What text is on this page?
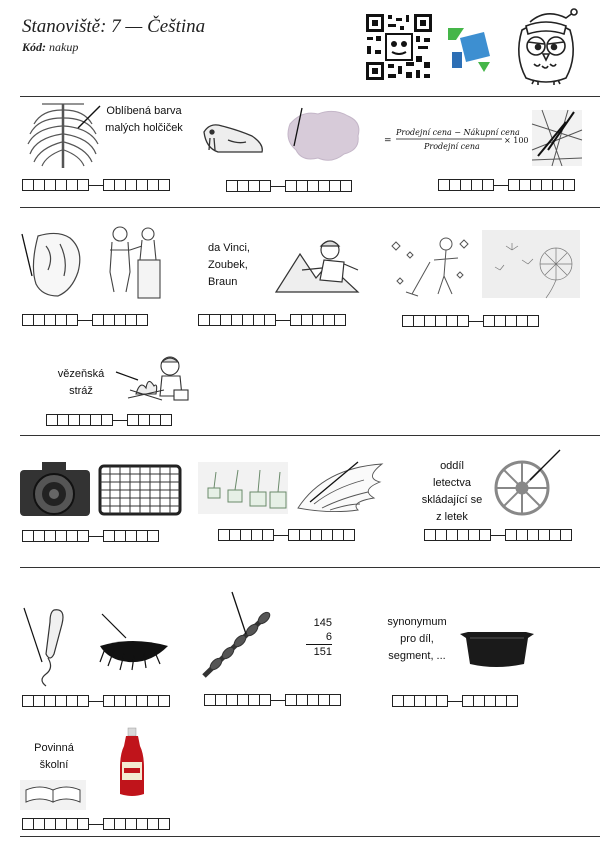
Stanoviště: 7 — Čeština
Kód: nakup
Oblíbená barva malých holčiček
=
Prodejní cena − Nákupní cena
Prodejní cena
× 100
da Vinci, Zoubek, Braun
vězeňská stráž
oddíl letectva skládající se z letek
145
6
151
synonymum pro díl, segment, ...
Povinná školní
